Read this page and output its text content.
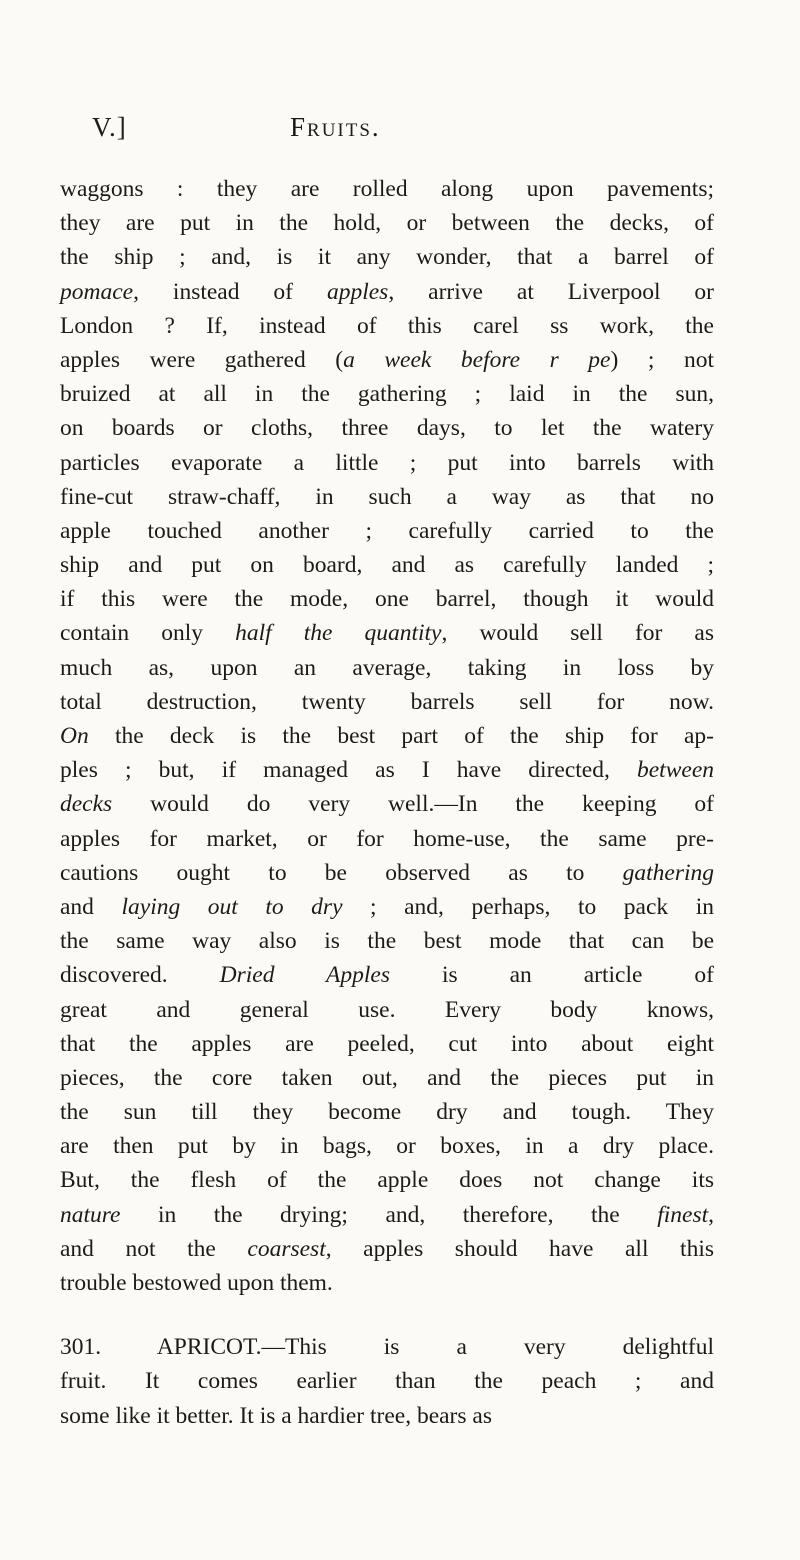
V.]	Fruits.
waggons : they are rolled along upon pavements;
they are put in the hold, or between the decks, of
the ship ; and, is it any wonder, that a barrel of
pomace, instead of apples, arrive at Liverpool or
London ? If, instead of this carel ss work, the
apples were gathered (a week before r pe) ; not
bruized at all in the gathering ; laid in the sun,
on boards or cloths, three days, to let the watery
particles evaporate a little ; put into barrels with
fine-cut straw-chaff, in such a way as that no
apple touched another ; carefully carried to the
ship and put on board, and as carefully landed ;
if this were the mode, one barrel, though it would
contain only half the quantity, would sell for as
much as, upon an average, taking in loss by
total destruction, twenty barrels sell for now.
On the deck is the best part of the ship for ap-
ples ; but, if managed as I have directed, between
decks would do very well.—In the keeping of
apples for market, or for home-use, the same pre-
cautions ought to be observed as to gathering
and laying out to dry ; and, perhaps, to pack in
the same way also is the best mode that can be
discovered. Dried Apples is an article of
great and general use. Every body knows,
that the apples are peeled, cut into about eight
pieces, the core taken out, and the pieces put in
the sun till they become dry and tough. They
are then put by in bags, or boxes, in a dry place.
But, the flesh of the apple does not change its
nature in the drying; and, therefore, the finest,
and not the coarsest, apples should have all this
trouble bestowed upon them.
301. APRICOT.—This is a very delightful
fruit. It comes earlier than the peach ; and
some like it better. It is a hardier tree, bears as
